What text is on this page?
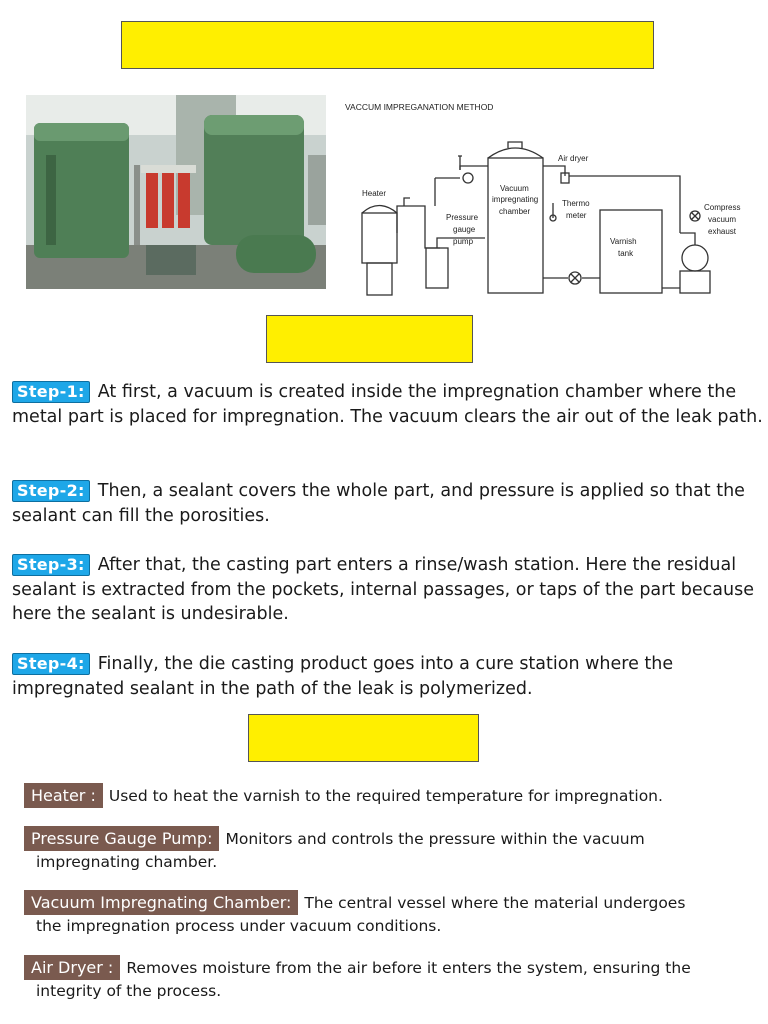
VACCUM IMPREGANATION METHOD
Heater
Pressure
gauge
pump
Vacuum
impregnating
chamber
Air dryer
Thermo
meter
Varnish
tank
Compress
vacuum
exhaust
Step-1: At first, a vacuum is created inside the impregnation chamber where the metal part is placed for impregnation. The vacuum clears the air out of the leak path.
Step-2: Then, a sealant covers the whole part, and pressure is applied so that the sealant can fill the porosities.
Step-3: After that, the casting part enters a rinse/wash station. Here the residual sealant is extracted from the pockets, internal passages, or taps of the part because here the sealant is undesirable.
Step-4: Finally, the die casting product goes into a cure station where the impregnated sealant in the path of the leak is polymerized.
Heater : Used to heat the varnish to the required temperature for impregnation.
Pressure Gauge Pump: Monitors and controls the pressure within the vacuum
impregnating chamber.
Vacuum Impregnating Chamber: The central vessel where the material undergoes
the impregnation process under vacuum conditions.
Air Dryer : Removes moisture from the air before it enters the system, ensuring the
integrity of the process.
